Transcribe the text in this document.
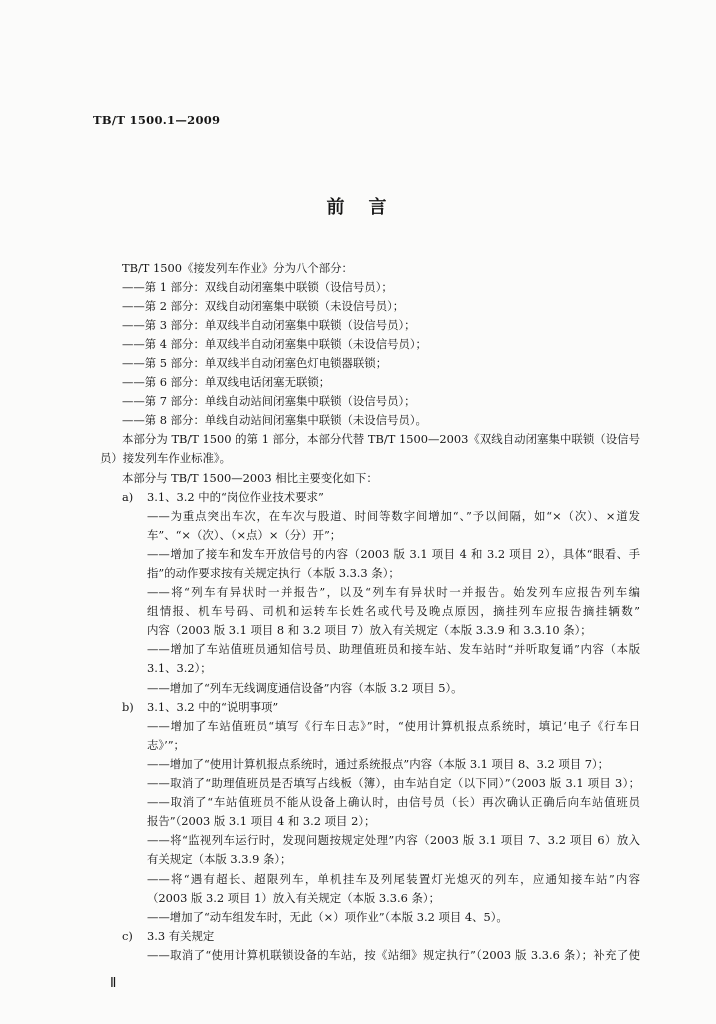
TB/T 1500.1—2009
前　言
TB/T 1500《接发列车作业》分为八个部分：
——第 1 部分：双线自动闭塞集中联锁（设信号员）；
——第 2 部分：双线自动闭塞集中联锁（未设信号员）；
——第 3 部分：单双线半自动闭塞集中联锁（设信号员）；
——第 4 部分：单双线半自动闭塞集中联锁（未设信号员）；
——第 5 部分：单双线半自动闭塞色灯电锁器联锁；
——第 6 部分：单双线电话闭塞无联锁；
——第 7 部分：单线自动站间闭塞集中联锁（设信号员）；
——第 8 部分：单线自动站间闭塞集中联锁（未设信号员）。
本部分为 TB/T 1500 的第 1 部分，本部分代替 TB/T 1500—2003《双线自动闭塞集中联锁（设信号
员）接发列车作业标准》。
本部分与 TB/T 1500—2003 相比主要变化如下：
a) 3.1、3.2 中的“岗位作业技术要求”
——为重点突出车次，在车次与股道、时间等数字间增加“、”予以间隔，如“×（次）、×道发
车”、“×（次）、（×点）×（分）开”；
——增加了接车和发车开放信号的内容（2003 版 3.1 项目 4 和 3.2 项目 2），具体“眼看、手
指”的动作要求按有关规定执行（本版 3.3.3 条）；
——将“列车有异状时一并报告”，以及“列车有异状时一并报告。始发列车应报告列车编
组情报、机车号码、司机和运转车长姓名或代号及晚点原因，摘挂列车应报告摘挂辆数”
内容（2003 版 3.1 项目 8 和 3.2 项目 7）放入有关规定（本版 3.3.9 和 3.3.10 条）；
——增加了车站值班员通知信号员、助理值班员和接车站、发车站时“并听取复诵”内容（本版
3.1、3.2）；
——增加了“列车无线调度通信设备”内容（本版 3.2 项目 5）。
b) 3.1、3.2 中的“说明事项”
——增加了车站值班员“填写《行车日志》”时，“使用计算机报点系统时，填记‘电子《行车日
志》’”；
——增加了“使用计算机报点系统时，通过系统报点”内容（本版 3.1 项目 8、3.2 项目 7）；
——取消了“助理值班员是否填写占线板（簿），由车站自定（以下同）”（2003 版 3.1 项目 3）；
——取消了“车站值班员不能从设备上确认时，由信号员（长）再次确认正确后向车站值班员
报告”（2003 版 3.1 项目 4 和 3.2 项目 2）；
——将“监视列车运行时，发现问题按规定处理”内容（2003 版 3.1 项目 7、3.2 项目 6）放入
有关规定（本版 3.3.9 条）；
——将“遇有超长、超限列车，单机挂车及列尾装置灯光熄灭的列车，应通知接车站”内容
（2003 版 3.2 项目 1）放入有关规定（本版 3.3.6 条）；
——增加了“动车组发车时，无此（×）项作业”（本版 3.2 项目 4、5）。
c) 3.3 有关规定
——取消了“使用计算机联锁设备的车站，按《站细》规定执行”（2003 版 3.3.6 条）；补充了使
Ⅱ
